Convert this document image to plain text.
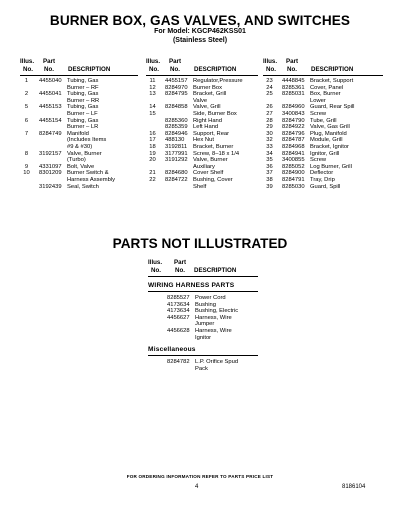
BURNER BOX, GAS VALVES, AND SWITCHES
For Model: KGCP462KSS01
(Stainless Steel)
Illus.
No.
Part
No. DESCRIPTION
1	4455040 Tubing, Gas
Burner – RF
2	4455041 Tubing, Gas
Burner – RR
5	4455153 Tubing, Gas
Burner – LF
6	4455154 Tubing, Gas
Burner – LR
7	8284749 Manifold
(Includes Items
#9 & #30)
8	3192157 Valve, Burner
(Turbo)
9	4331097 Bolt, Valve
10	8301209 Burner Switch &
Harness Assembly
3192439 Seal, Switch
Illus.
No.
Part
No. DESCRIPTION
11	4455157 Regulator,Pressure
12	8284970 Burner Box
13	8284795 Bracket, Grill
Valve
14	8284858 Valve, Grill
15	Side, Burner Box
8285360 Right Hand
8285359 Left Hand
16	8284946 Support, Rear
17	488130	Hex Nut
18	3192811	Bracket, Burner
19	3177991 Screw, 8–18 x 1/4
20	3191292 Valve, Burner
Auxiliary
21	8284680 Cover Shelf
22	8284722 Bushing, Cover
Shelf
Illus.
No.
Part
No. DESCRIPTION
23	4448845 Bracket, Support
24	8285361 Cover, Panel
25	8285031 Box, Burner
Lower
26	8284960 Guard, Rear Spill
27	3400843 Screw
28	8284790 Tube, Grill
29	8284922 Valve, Gas Grill
30	8284796 Plug, Manifold
32	8284787 Module, Grill
33	8284968 Bracket, Ignitor
34	8284941 Ignitor, Grill
35	3400855 Screw
36	8285052 Log Burner, Grill
37	8284900 Deflector
38	8284791 Tray, Drip
39	8285030 Guard, Spill
PARTS NOT ILLUSTRATED
Illus.
No.
Part
No. DESCRIPTION
WIRING HARNESS PARTS
8285527 Power Cord
4173634 Bushing
4173634 Bushing, Electric
4456627 Harness, Wire
Jumper
4456628 Harness, Wire
Ignitor
Miscellaneous
8284782 L.P. Orifice Spud
Pack
FOR ORDERING INFORMATION REFER TO PARTS PRICE LIST
4	8186104
